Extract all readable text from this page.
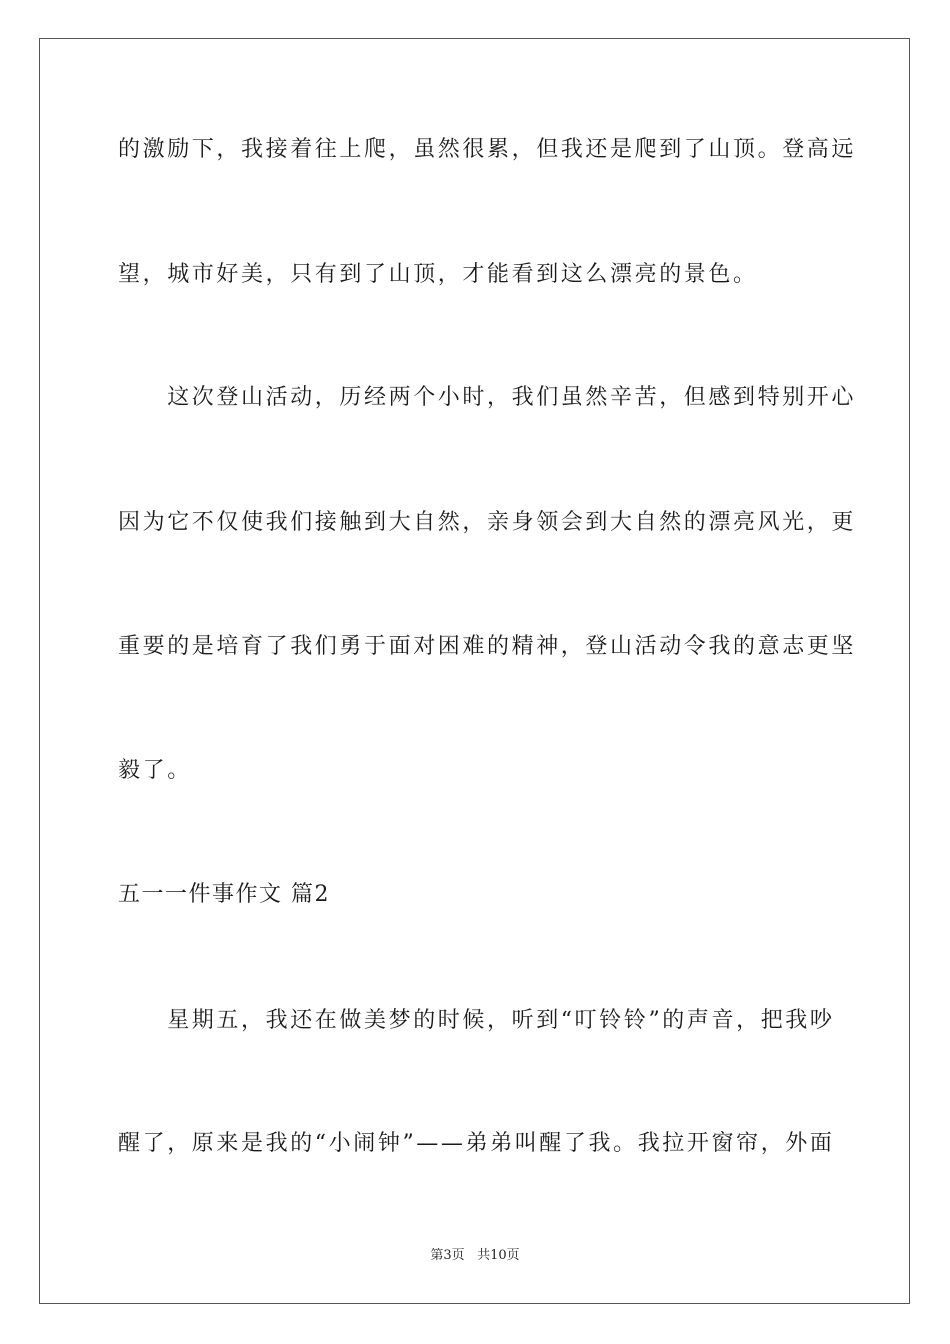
的激励下，我接着往上爬，虽然很累，但我还是爬到了山顶。登高远
望，城市好美，只有到了山顶，才能看到这么漂亮的景色。
　　这次登山活动，历经两个小时，我们虽然辛苦，但感到特别开心
因为它不仅使我们接触到大自然，亲身领会到大自然的漂亮风光，更
重要的是培育了我们勇于面对困难的精神，登山活动令我的意志更坚
毅了。
五一一件事作文 篇2
　　星期五，我还在做美梦的时候，听到“叮铃铃”的声音，把我吵
醒了，原来是我的“小闹钟”——弟弟叫醒了我。我拉开窗帘，外面
第3页 共10页
